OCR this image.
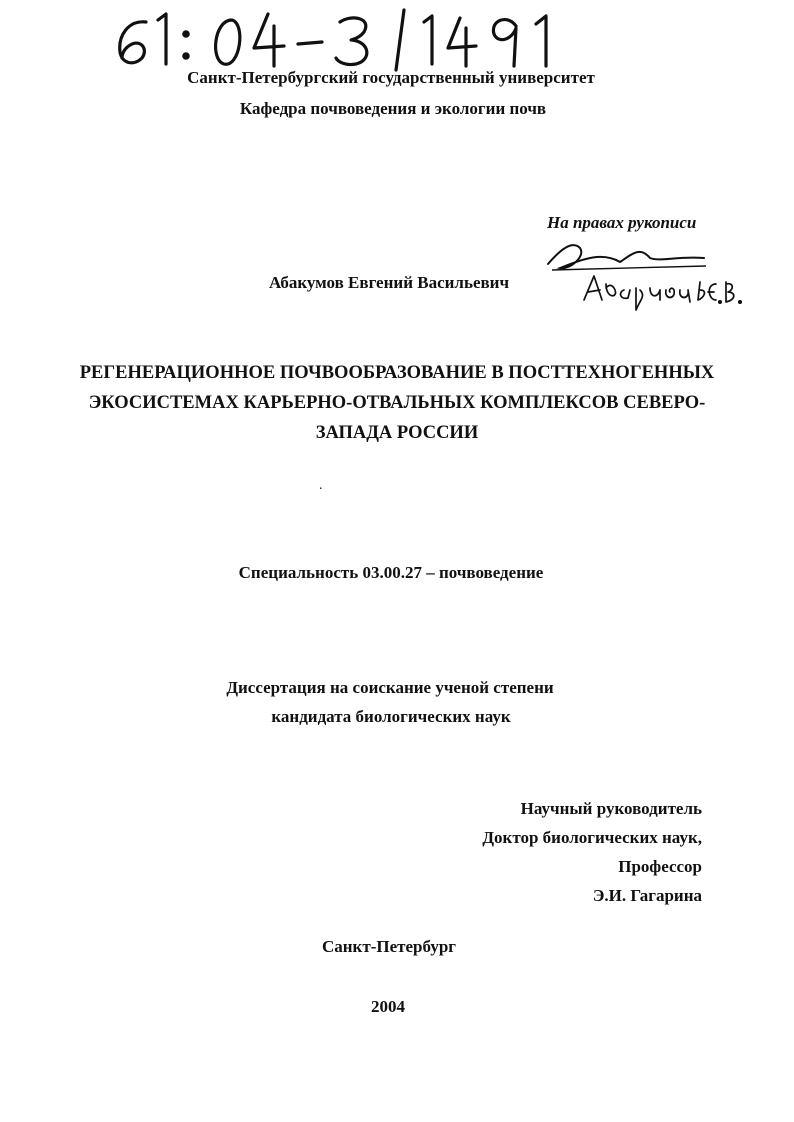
Санкт-Петербургский государственный университет
Кафедра почвоведения и экологии почв
На правах рукописи
Абакумов Евгений Васильевич
РЕГЕНЕРАЦИОННОЕ ПОЧВООБРАЗОВАНИЕ В ПОСТТЕХНОГЕННЫХ
ЭКОСИСТЕМАХ КАРЬЕРНО-ОТВАЛЬНЫХ КОМПЛЕКСОВ СЕВЕРО-
ЗАПАДА РОССИИ
.
Специальность 03.00.27 – почвоведение
Диссертация на соискание ученой степени
кандидата биологических наук
Научный руководитель
Доктор биологических наук,
Профессор
Э.И. Гагарина
Санкт-Петербург
2004
